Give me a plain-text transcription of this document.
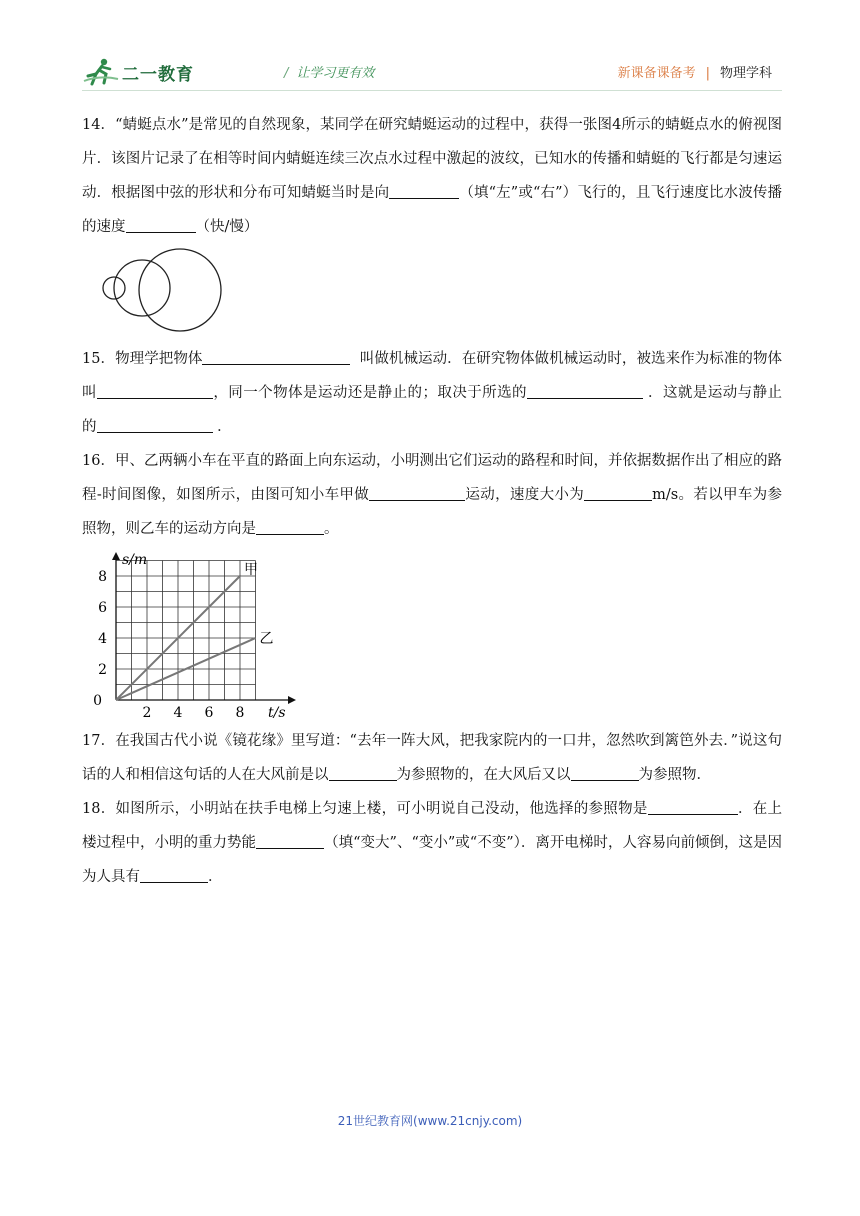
二一教育	/ 让学习更有效	新课备课备考 | 物理学科

14．“蜻蜓点水”是常见的自然现象，某同学在研究蜻蜓运动的过程中，获得一张图4所示的蜻蜓点水的俯视图片．该图片记录了在相等时间内蜻蜓连续三次点水过程中激起的波纹，已知水的传播和蜻蜓的飞行都是匀速运动．根据图中弦的形状和分布可知蜻蜓当时是向	（填“左”或“右”）飞行的，且飞行速度比水波传播的速度	（快/慢）

15．物理学把物体	叫做机械运动．在研究物体做机械运动时，被选来作为标准的物体叫	，同一个物体是运动还是静止的；取决于所选的	．这就是运动与静止的	．

16．甲、乙两辆小车在平直的路面上向东运动，小明测出它们运动的路程和时间，并依据数据作出了相应的路程-时间图像，如图所示，由图可知小车甲做	运动，速度大小为	m/s。若以甲车为参照物，则乙车的运动方向是	。

2 4 6 8
2
4
6
8
0
s/m
t/s
甲
乙

17．在我国古代小说《镜花缘》里写道：“去年一阵大风，把我家院内的一口井，忽然吹到篱笆外去．”说这句话的人和相信这句话的人在大风前是以	为参照物的，在大风后又以	为参照物．

18．如图所示，小明站在扶手电梯上匀速上楼，可小明说自己没动，他选择的参照物是	．在上楼过程中，小明的重力势能	（填“变大”、“变小”或“不变”）．离开电梯时，人容易向前倾倒，这是因为人具有	．

21世纪教育网(www.21cnjy.com)
